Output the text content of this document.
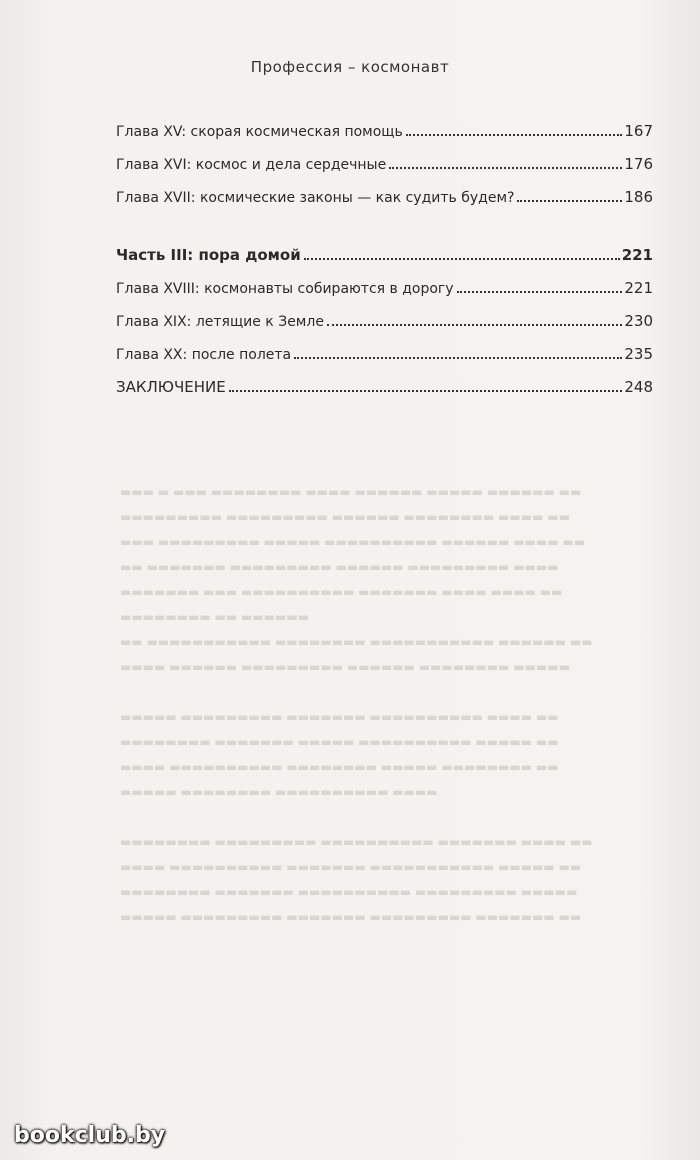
▬▬▬ ▬ ▬▬▬ ▬▬▬▬▬▬▬▬ ▬▬▬▬ ▬▬▬▬▬▬ ▬▬▬▬▬ ▬▬▬▬▬▬ ▬▬
▬▬▬▬▬▬▬▬▬ ▬▬▬▬▬▬▬▬▬ ▬▬▬▬▬▬ ▬▬▬▬▬▬▬▬ ▬▬▬▬ ▬▬
▬▬▬ ▬▬▬▬▬▬▬▬▬ ▬▬▬▬▬ ▬▬▬▬▬▬▬▬▬▬ ▬▬▬▬▬▬ ▬▬▬▬ ▬▬
▬▬ ▬▬▬▬▬▬▬ ▬▬▬▬▬▬▬▬▬ ▬▬▬▬▬▬ ▬▬▬▬▬▬▬▬▬ ▬▬▬▬
▬▬▬▬▬▬▬ ▬▬▬ ▬▬▬▬▬▬▬▬▬▬ ▬▬▬▬▬▬▬ ▬▬▬▬ ▬▬▬▬ ▬▬
▬▬▬▬▬▬▬▬ ▬▬ ▬▬▬▬▬▬
▬▬ ▬▬▬▬▬▬▬▬▬▬▬ ▬▬▬▬▬▬▬▬ ▬▬▬▬▬▬▬▬▬▬▬ ▬▬▬▬▬▬ ▬▬
▬▬▬▬ ▬▬▬▬▬▬ ▬▬▬▬▬▬▬▬▬ ▬▬▬▬▬▬ ▬▬▬▬▬▬▬▬ ▬▬▬▬▬

▬▬▬▬▬ ▬▬▬▬▬▬▬▬▬ ▬▬▬▬▬▬▬ ▬▬▬▬▬▬▬▬▬▬ ▬▬▬▬ ▬▬
▬▬▬▬▬▬▬▬ ▬▬▬▬▬▬▬ ▬▬▬▬▬ ▬▬▬▬▬▬▬▬▬▬ ▬▬▬▬▬ ▬▬
▬▬▬▬ ▬▬▬▬▬▬▬▬▬▬ ▬▬▬▬▬▬▬▬ ▬▬▬▬▬ ▬▬▬▬▬▬▬▬ ▬▬
▬▬▬▬▬ ▬▬▬▬▬▬▬▬ ▬▬▬▬▬▬▬▬▬▬ ▬▬▬▬

▬▬▬▬▬▬▬▬ ▬▬▬▬▬▬▬▬▬ ▬▬▬▬▬▬▬▬▬▬ ▬▬▬▬▬▬▬ ▬▬▬▬ ▬▬
▬▬▬▬ ▬▬▬▬▬▬▬▬▬▬ ▬▬▬▬▬▬▬ ▬▬▬▬▬▬▬▬▬▬▬ ▬▬▬▬▬ ▬▬
▬▬▬▬▬▬▬▬ ▬▬▬▬▬▬▬ ▬▬▬▬▬▬▬▬▬▬ ▬▬▬▬▬▬▬▬▬ ▬▬▬▬▬
▬▬▬▬▬ ▬▬▬▬▬▬▬▬▬ ▬▬▬▬▬▬▬ ▬▬▬▬▬▬▬▬▬ ▬▬▬▬▬▬▬ ▬▬
Профессия – космонавт
Глава XV: скорая космическая помощь	167
Глава XVI: космос и дела сердечные	176
Глава XVII: космические законы — как судить будем?	186
Часть III: пора домой	221
Глава XVIII: космонавты собираются в дорогу	221
Глава XIX: летящие к Земле	230
Глава XX: после полета	235
ЗАКЛЮЧЕНИЕ	248
bookclub.by
